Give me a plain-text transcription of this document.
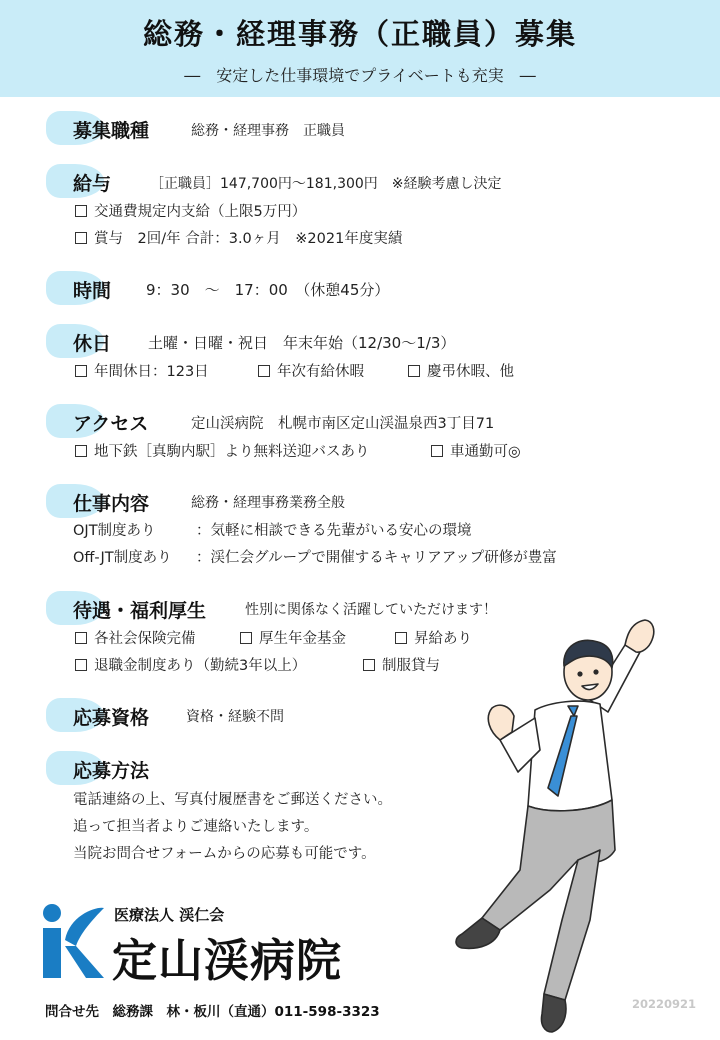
総務・経理事務（正職員）募集
―　安定した仕事環境でプライベートも充実　―
募集職種	総務・経理事務　正職員
給与	［正職員］147,700円～181,300円　※経験考慮し決定
交通費規定内支給（上限5万円）
賞与　2回/年 合計：3.0ヶ月　※2021年度実績
時間 9：30　～　17：00　（休憩45分）
休日 土曜・日曜・祝日　年末年始（12/30～1/3）
年間休日：123日	年次有給休暇	慶弔休暇、他
アクセス	定山渓病院　札幌市南区定山渓温泉西3丁目71
地下鉄［真駒内駅］より無料送迎バスあり	車通勤可◎
仕事内容	総務・経理事務業務全般
OJT制度あり	：気軽に相談できる先輩がいる安心の環境
Off-JT制度あり ：渓仁会グループで開催するキャリアアップ研修が豊富
待遇・福利厚生	性別に関係なく活躍していただけます！
各社会保険完備	厚生年金基金	昇給あり
退職金制度あり（勤続3年以上）	制服貸与
応募資格	資格・経験不問
応募方法
電話連絡の上、写真付履歴書をご郵送ください。
追って担当者よりご連絡いたします。
当院お問合せフォームからの応募も可能です。
医療法人 渓仁会
定山渓病院
問合せ先　総務課　林・板川（直通）011-598-3323	20220921
